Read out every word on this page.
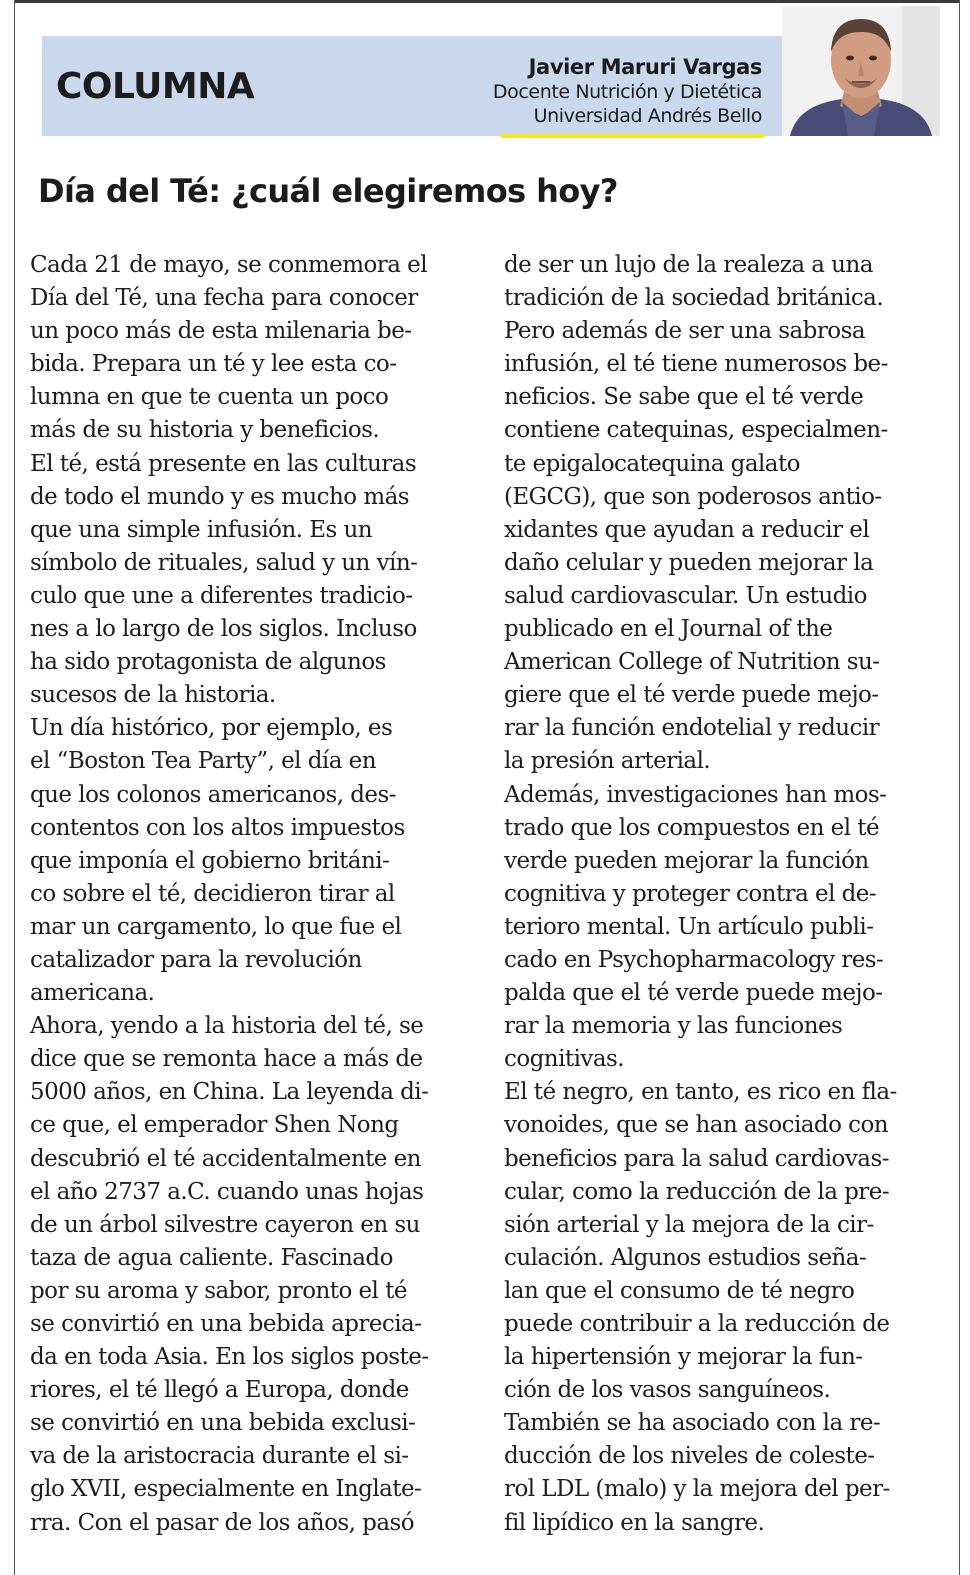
COLUMNA	Javier Maruri Vargas
Docente Nutrición y Dietética
Universidad Andrés Bello
Día del Té: ¿cuál elegiremos hoy?
Cada 21 de mayo, se conmemora el
Día del Té, una fecha para conocer
un poco más de esta milenaria be-
bida. Prepara un té y lee esta co-
lumna en que te cuenta un poco
más de su historia y beneficios.
El té, está presente en las culturas
de todo el mundo y es mucho más
que una simple infusión. Es un
símbolo de rituales, salud y un vín-
culo que une a diferentes tradicio-
nes a lo largo de los siglos. Incluso
ha sido protagonista de algunos
sucesos de la historia.
Un día histórico, por ejemplo, es
el “Boston Tea Party”, el día en
que los colonos americanos, des-
contentos con los altos impuestos
que imponía el gobierno británi-
co sobre el té, decidieron tirar al
mar un cargamento, lo que fue el
catalizador para la revolución
americana.
Ahora, yendo a la historia del té, se
dice que se remonta hace a más de
5000 años, en China. La leyenda di-
ce que, el emperador Shen Nong
descubrió el té accidentalmente en
el año 2737 a.C. cuando unas hojas
de un árbol silvestre cayeron en su
taza de agua caliente. Fascinado
por su aroma y sabor, pronto el té
se convirtió en una bebida aprecia-
da en toda Asia. En los siglos poste-
riores, el té llegó a Europa, donde
se convirtió en una bebida exclusi-
va de la aristocracia durante el si-
glo XVII, especialmente en Inglate-
rra. Con el pasar de los años, pasó
de ser un lujo de la realeza a una
tradición de la sociedad británica.
Pero además de ser una sabrosa
infusión, el té tiene numerosos be-
neficios. Se sabe que el té verde
contiene catequinas, especialmen-
te epigalocatequina galato
(EGCG), que son poderosos antio-
xidantes que ayudan a reducir el
daño celular y pueden mejorar la
salud cardiovascular. Un estudio
publicado en el Journal of the
American College of Nutrition su-
giere que el té verde puede mejo-
rar la función endotelial y reducir
la presión arterial.
Además, investigaciones han mos-
trado que los compuestos en el té
verde pueden mejorar la función
cognitiva y proteger contra el de-
terioro mental. Un artículo publi-
cado en Psychopharmacology res-
palda que el té verde puede mejo-
rar la memoria y las funciones
cognitivas.
El té negro, en tanto, es rico en fla-
vonoides, que se han asociado con
beneficios para la salud cardiovas-
cular, como la reducción de la pre-
sión arterial y la mejora de la cir-
culación. Algunos estudios seña-
lan que el consumo de té negro
puede contribuir a la reducción de
la hipertensión y mejorar la fun-
ción de los vasos sanguíneos.
También se ha asociado con la re-
ducción de los niveles de coleste-
rol LDL (malo) y la mejora del per-
fil lipídico en la sangre.
